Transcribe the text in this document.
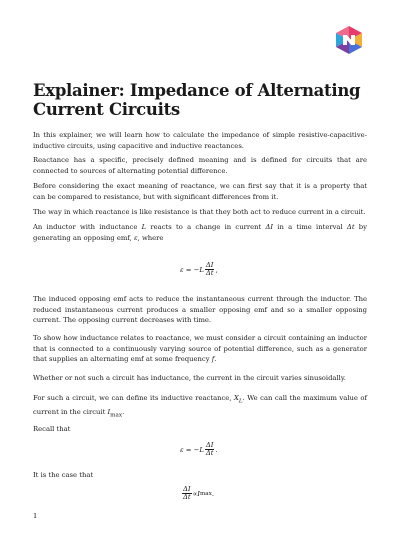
Explainer: Impedance of Alternating Current Circuits

In this explainer, we will learn how to calculate the impedance of simple resistive-capacitive-inductive circuits, using capacitive and inductive reactances.

Reactance has a specific, precisely defined meaning and is defined for circuits that are connected to sources of alternating potential difference.

Before considering the exact meaning of reactance, we can first say that it is a property that can be compared to resistance, but with significant differences from it.

The way in which reactance is like resistance is that they both act to reduce current in a circuit.

An inductor with inductance L reacts to a change in current ΔI in a time interval Δt by generating an opposing emf, ε, where

$\varepsilon = -L \frac{\Delta I}{\Delta t}$ ,

The induced opposing emf acts to reduce the instantaneous current through the inductor. The reduced instantaneous current produces a smaller opposing emf and so a smaller opposing current. The opposing current decreases with time.

To show how inductance relates to reactance, we must consider a circuit containing an inductor that is connected to a continuously varying source of potential difference, such as a generator that supplies an alternating emf at some frequency f.

Whether or not such a circuit has inductance, the current in the circuit varies sinusoidally.

For such a circuit, we can define its inductive reactance, $X_L$. We can call the maximum value of current in the circuit $I_{max}$.

Recall that

$\varepsilon = -L \frac{\Delta I}{\Delta t}$ .

It is the case that

$\frac{\Delta I}{\Delta t} \propto I$ max .
1
